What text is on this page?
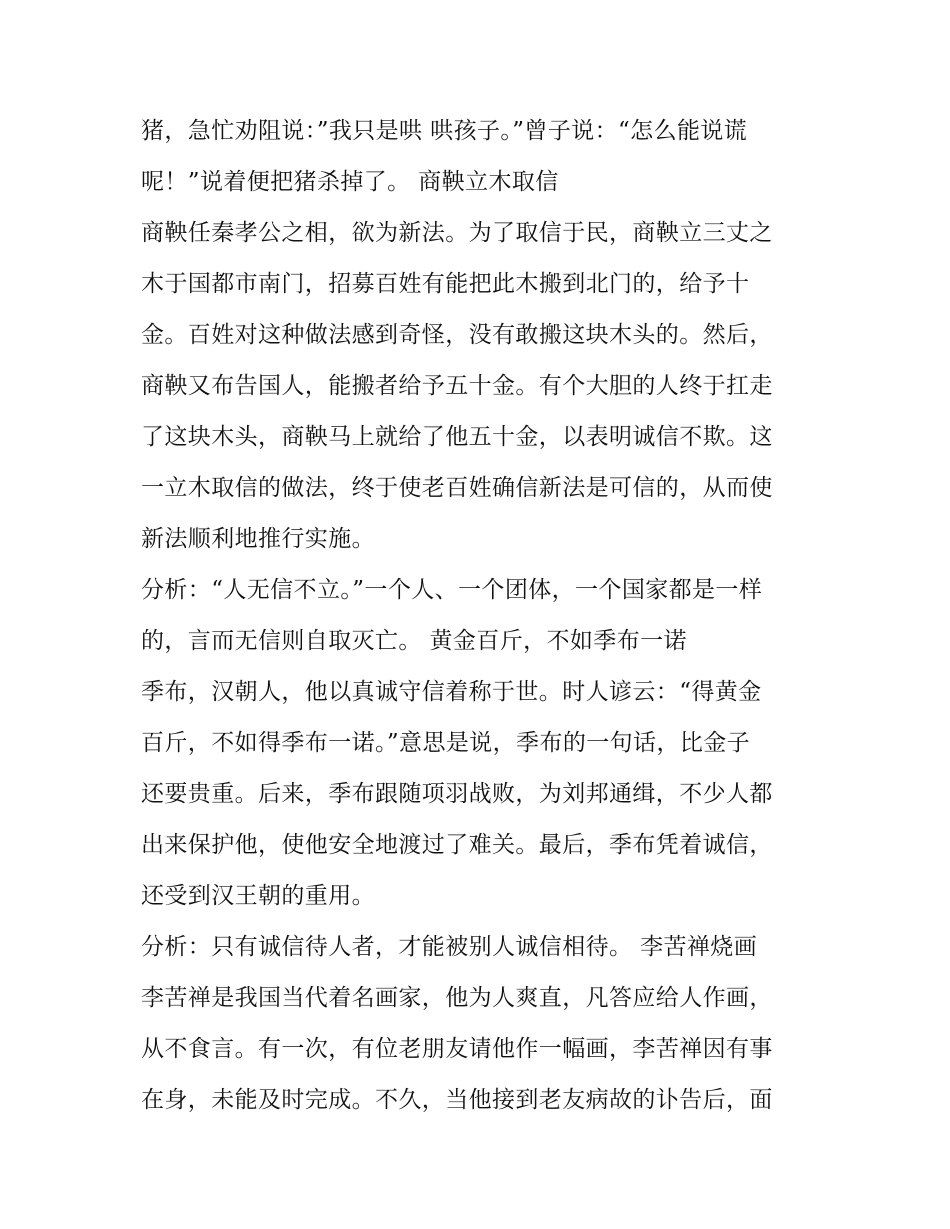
猪，急忙劝阻说：”我只是哄 哄孩子。”曾子说：“怎么能说谎
呢！”说着便把猪杀掉了。 商鞅立木取信
商鞅任秦孝公之相，欲为新法。为了取信于民，商鞅立三丈之
木于国都市南门，招募百姓有能把此木搬到北门的，给予十
金。百姓对这种做法感到奇怪，没有敢搬这块木头的。然后，
商鞅又布告国人，能搬者给予五十金。有个大胆的人终于扛走
了这块木头，商鞅马上就给了他五十金，以表明诚信不欺。这
一立木取信的做法，终于使老百姓确信新法是可信的，从而使
新法顺利地推行实施。
分析：“人无信不立。”一个人、一个团体，一个国家都是一样
的，言而无信则自取灭亡。 黄金百斤，不如季布一诺
季布，汉朝人，他以真诚守信着称于世。时人谚云：“得黄金
百斤，不如得季布一诺。”意思是说，季布的一句话，比金子
还要贵重。后来，季布跟随项羽战败，为刘邦通缉，不少人都
出来保护他，使他安全地渡过了难关。最后，季布凭着诚信，
还受到汉王朝的重用。
分析：只有诚信待人者，才能被别人诚信相待。 李苦禅烧画
李苦禅是我国当代着名画家，他为人爽直，凡答应给人作画，
从不食言。有一次，有位老朋友请他作一幅画，李苦禅因有事
在身，未能及时完成。不久，当他接到老友病故的讣告后，面
